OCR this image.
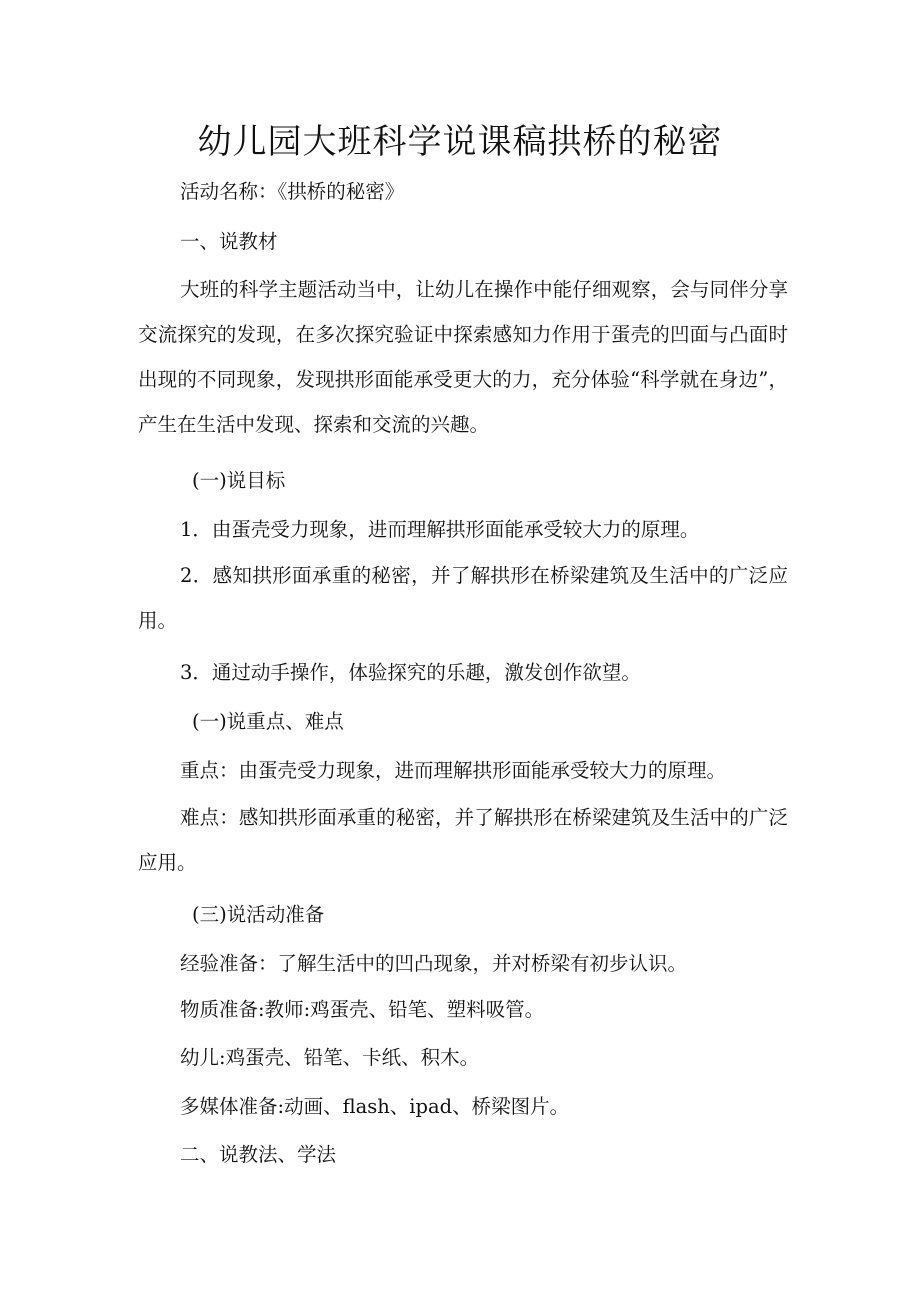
幼儿园大班科学说课稿拱桥的秘密
活动名称：《拱桥的秘密》
一、说教材
大班的科学主题活动当中，让幼儿在操作中能仔细观察，会与同伴分享交流探究的发现，在多次探究验证中探索感知力作用于蛋壳的凹面与凸面时出现的不同现象，发现拱形面能承受更大的力，充分体验“科学就在身边”，产生在生活中发现、探索和交流的兴趣。
(一)说目标
1．由蛋壳受力现象，进而理解拱形面能承受较大力的原理。
2．感知拱形面承重的秘密，并了解拱形在桥梁建筑及生活中的广泛应用。
3．通过动手操作，体验探究的乐趣，激发创作欲望。
(一)说重点、难点
重点：由蛋壳受力现象，进而理解拱形面能承受较大力的原理。
难点：感知拱形面承重的秘密，并了解拱形在桥梁建筑及生活中的广泛应用。
(三)说活动准备
经验准备：了解生活中的凹凸现象，并对桥梁有初步认识。
物质准备:教师:鸡蛋壳、铅笔、塑料吸管。
幼儿:鸡蛋壳、铅笔、卡纸、积木。
多媒体准备:动画、flash、ipad、桥梁图片。
二、说教法、学法
